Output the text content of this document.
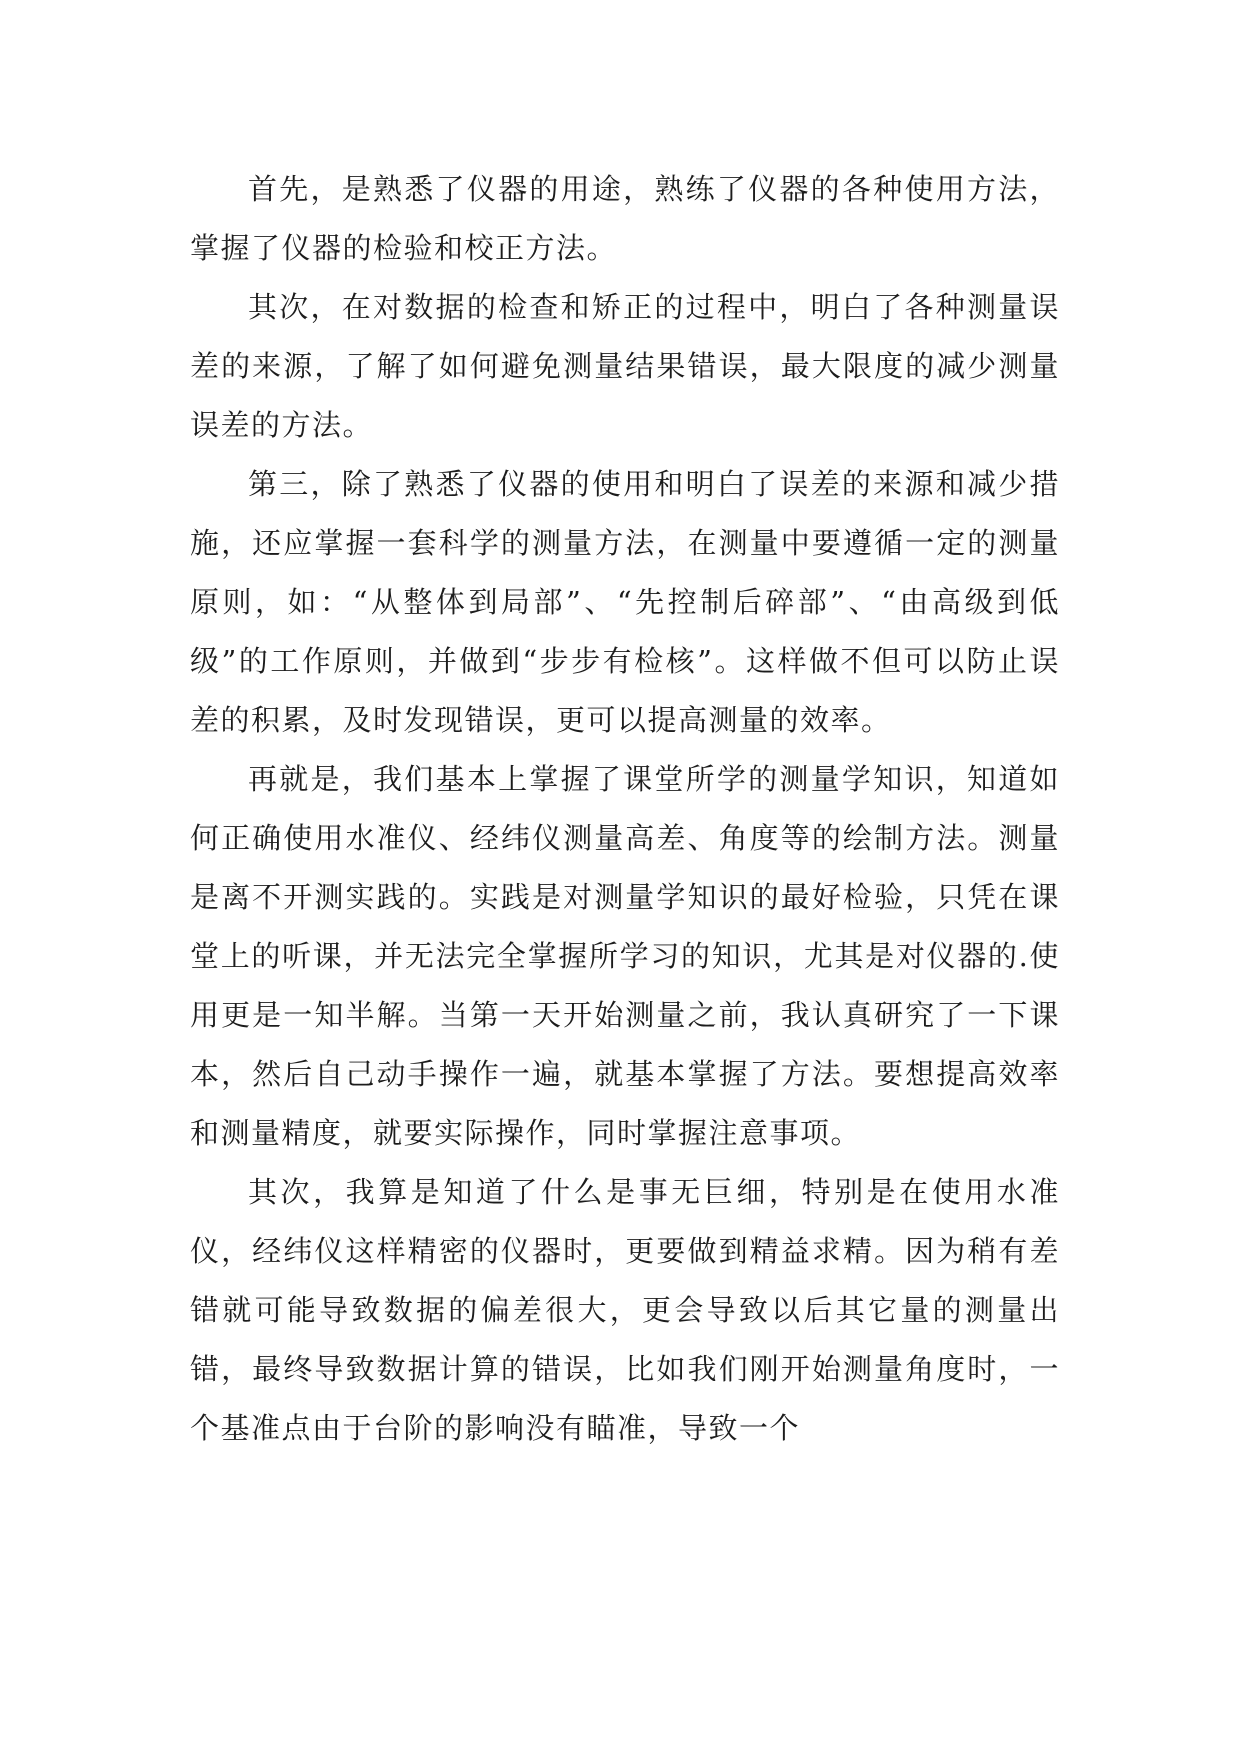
首先，是熟悉了仪器的用途，熟练了仪器的各种使用方法，掌握了仪器的检验和校正方法。

其次，在对数据的检查和矫正的过程中，明白了各种测量误差的来源，了解了如何避免测量结果错误，最大限度的减少测量误差的方法。

第三，除了熟悉了仪器的使用和明白了误差的来源和减少措施，还应掌握一套科学的测量方法，在测量中要遵循一定的测量原则，如：“从整体到局部”、“先控制后碎部”、“由高级到低级”的工作原则，并做到“步步有检核”。这样做不但可以防止误差的积累，及时发现错误，更可以提高测量的效率。

再就是，我们基本上掌握了课堂所学的测量学知识，知道如何正确使用水准仪、经纬仪测量高差、角度等的绘制方法。测量是离不开测实践的。实践是对测量学知识的最好检验，只凭在课堂上的听课，并无法完全掌握所学习的知识，尤其是对仪器的.使用更是一知半解。当第一天开始测量之前，我认真研究了一下课本，然后自己动手操作一遍，就基本掌握了方法。要想提高效率和测量精度，就要实际操作，同时掌握注意事项。

其次，我算是知道了什么是事无巨细，特别是在使用水准仪，经纬仪这样精密的仪器时，更要做到精益求精。因为稍有差错就可能导致数据的偏差很大，更会导致以后其它量的测量出错，最终导致数据计算的错误，比如我们刚开始测量角度时，一个基准点由于台阶的影响没有瞄准，导致一个
